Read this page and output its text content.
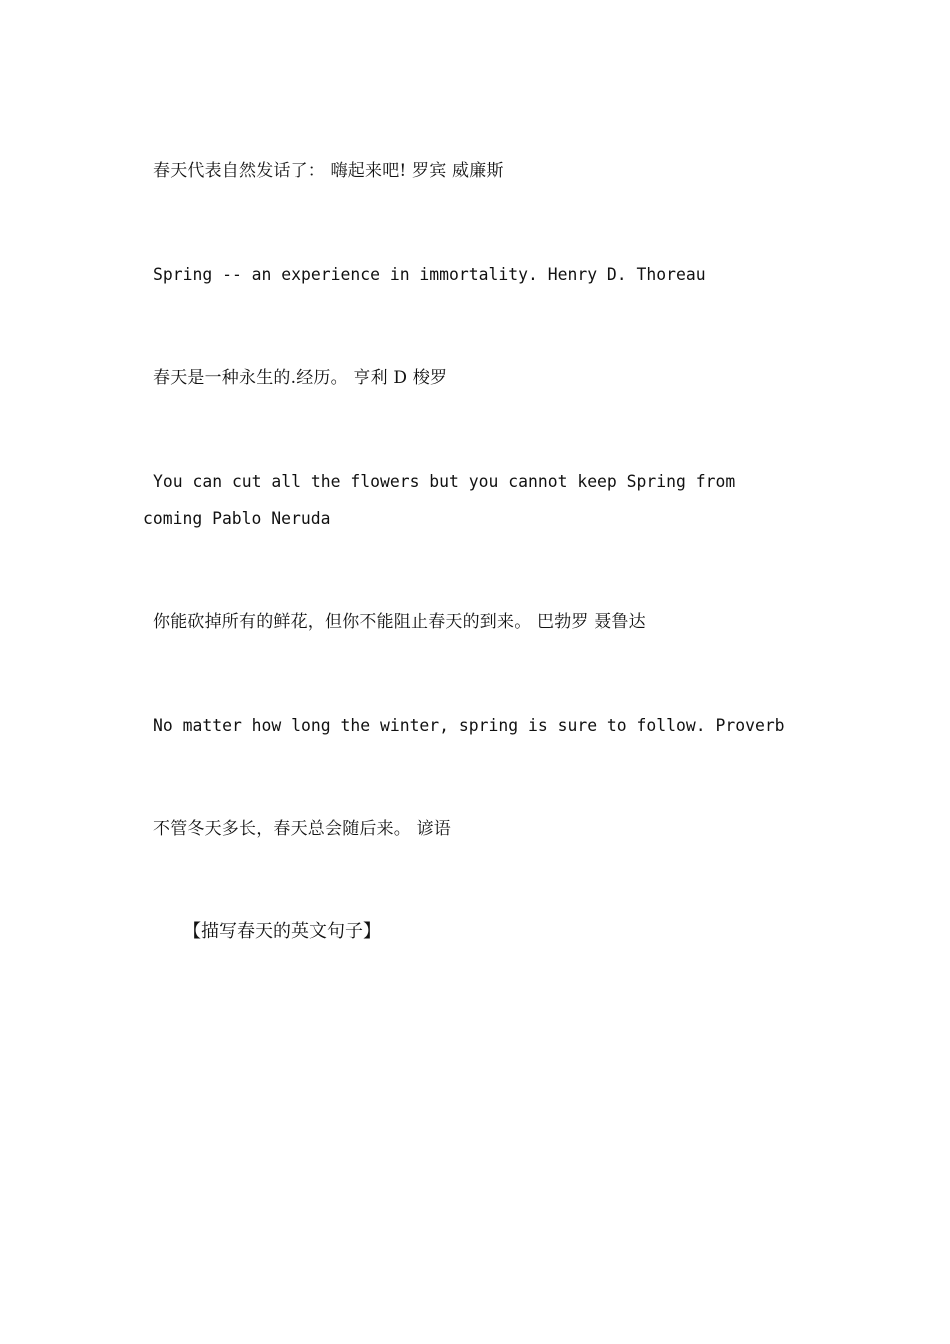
春天代表自然发话了： 嗨起来吧! 罗宾 威廉斯
Spring -- an experience in immortality. Henry D. Thoreau
春天是一种永生的.经历。 亨利 D 梭罗
You can cut all the flowers but you cannot keep Spring from coming Pablo Neruda
你能砍掉所有的鲜花，但你不能阻止春天的到来。 巴勃罗 聂鲁达
No matter how long the winter, spring is sure to follow. Proverb
不管冬天多长，春天总会随后来。 谚语
【描写春天的英文句子】
